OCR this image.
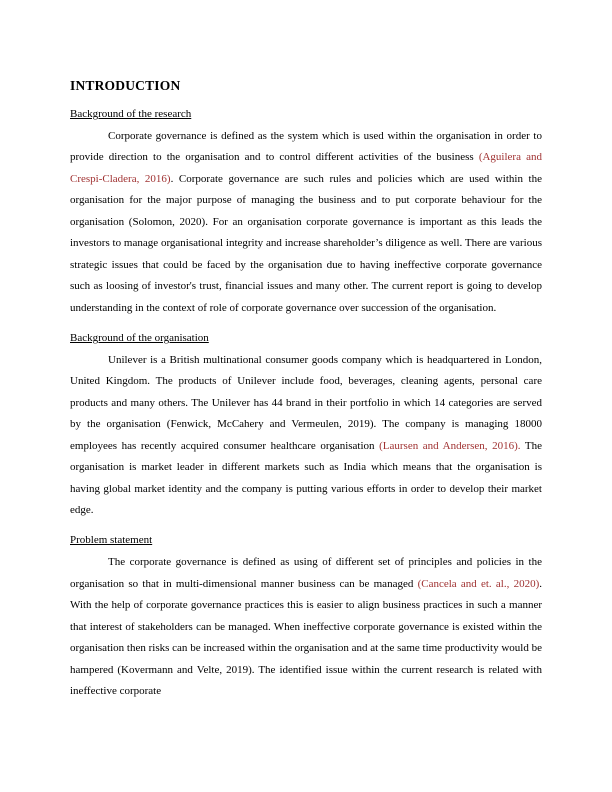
INTRODUCTION
Background of the research

Corporate governance is defined as the system which is used within the organisation in order to provide direction to the organisation and to control different activities of the business (Aguilera and Crespi-Cladera, 2016). Corporate governance are such rules and policies which are used within the organisation for the major purpose of managing the business and to put corporate behaviour for the organisation (Solomon, 2020). For an organisation corporate governance is important as this leads the investors to manage organisational integrity and increase shareholder’s diligence as well. There are various strategic issues that could be faced by the organisation due to having ineffective corporate governance such as loosing of investor's trust, financial issues and many other. The current report is going to develop understanding in the context of role of corporate governance over succession of the organisation.

Background of the organisation

Unilever is a British multinational consumer goods company which is headquartered in London, United Kingdom. The products of Unilever include food, beverages, cleaning agents, personal care products and many others. The Unilever has 44 brand in their portfolio in which 14 categories are served by the organisation (Fenwick, McCahery and Vermeulen, 2019). The company is managing 18000 employees has recently acquired consumer healthcare organisation (Laursen and Andersen, 2016). The organisation is market leader in different markets such as India which means that the organisation is having global market identity and the company is putting various efforts in order to develop their market edge.

Problem statement

The corporate governance is defined as using of different set of principles and policies in the organisation so that in multi-dimensional manner business can be managed (Cancela and et. al., 2020). With the help of corporate governance practices this is easier to align business practices in such a manner that interest of stakeholders can be managed. When ineffective corporate governance is existed within the organisation then risks can be increased within the organisation and at the same time productivity would be hampered (Kovermann and Velte, 2019). The identified issue within the current research is related with ineffective corporate
